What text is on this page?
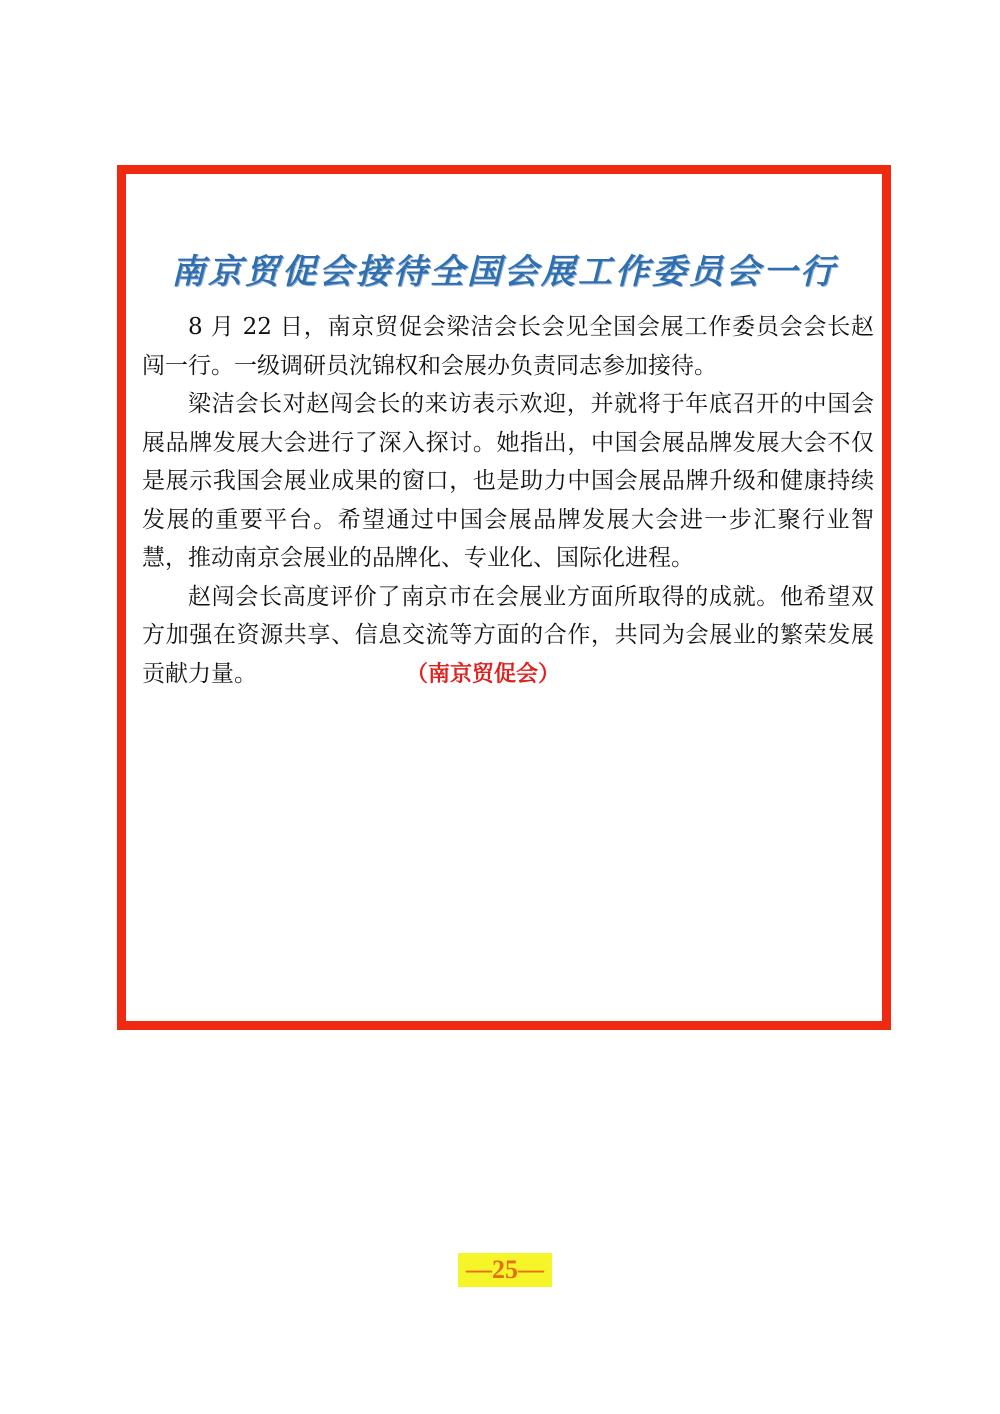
南京贸促会接待全国会展工作委员会一行

8 月 22 日，南京贸促会梁洁会长会见全国会展工作委员会会长赵闯一行。一级调研员沈锦权和会展办负责同志参加接待。

梁洁会长对赵闯会长的来访表示欢迎，并就将于年底召开的中国会展品牌发展大会进行了深入探讨。她指出，中国会展品牌发展大会不仅是展示我国会展业成果的窗口，也是助力中国会展品牌升级和健康持续发展的重要平台。希望通过中国会展品牌发展大会进一步汇聚行业智慧，推动南京会展业的品牌化、专业化、国际化进程。

赵闯会长高度评价了南京市在会展业方面所取得的成就。他希望双方加强在资源共享、信息交流等方面的合作，共同为会展业的繁荣发展贡献力量。	（南京贸促会）

—25—
